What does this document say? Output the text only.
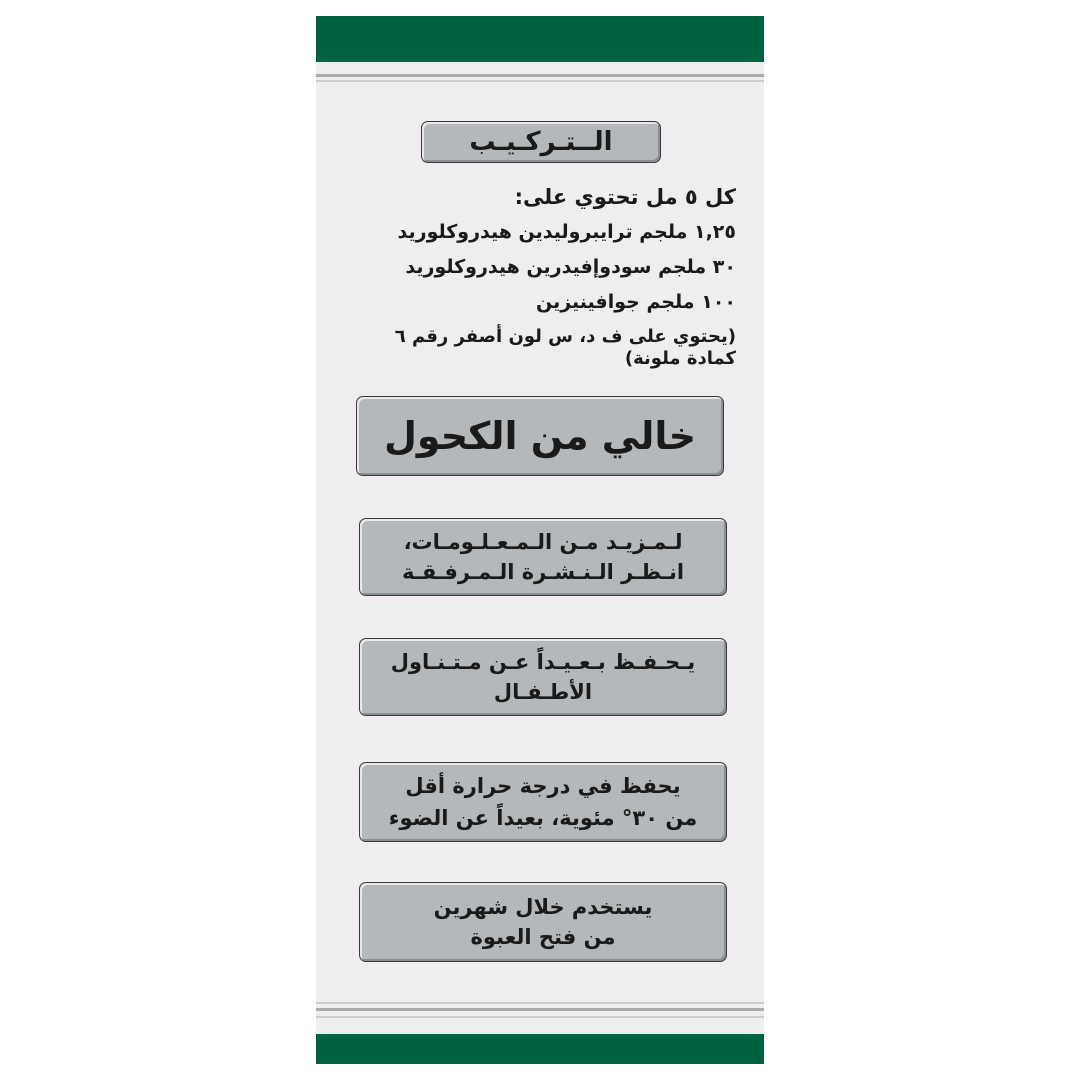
الــتـركـيـب
كل ٥ مل تحتوي على:
١,٢٥ ملجم ترايبروليدين هيدروكلوريد
٣٠ ملجم سودوإفيدرين هيدروكلوريد
١٠٠ ملجم جوافينيزين
(يحتوي على ف د، س لون أصفر رقم ٦
كمادة ملونة)
خالي من الكحول
لـمـزيـد مـن الـمـعـلـومـات،
انـظـر الـنـشـرة الـمـرفـقـة
يـحـفـظ بـعـيـداً عـن مـتـنـاول
الأطـفـال
يحفظ في درجة حرارة أقل
من ٣٠° مئوية، بعيداً عن الضوء
يستخدم خلال شهرين
من فتح العبوة
